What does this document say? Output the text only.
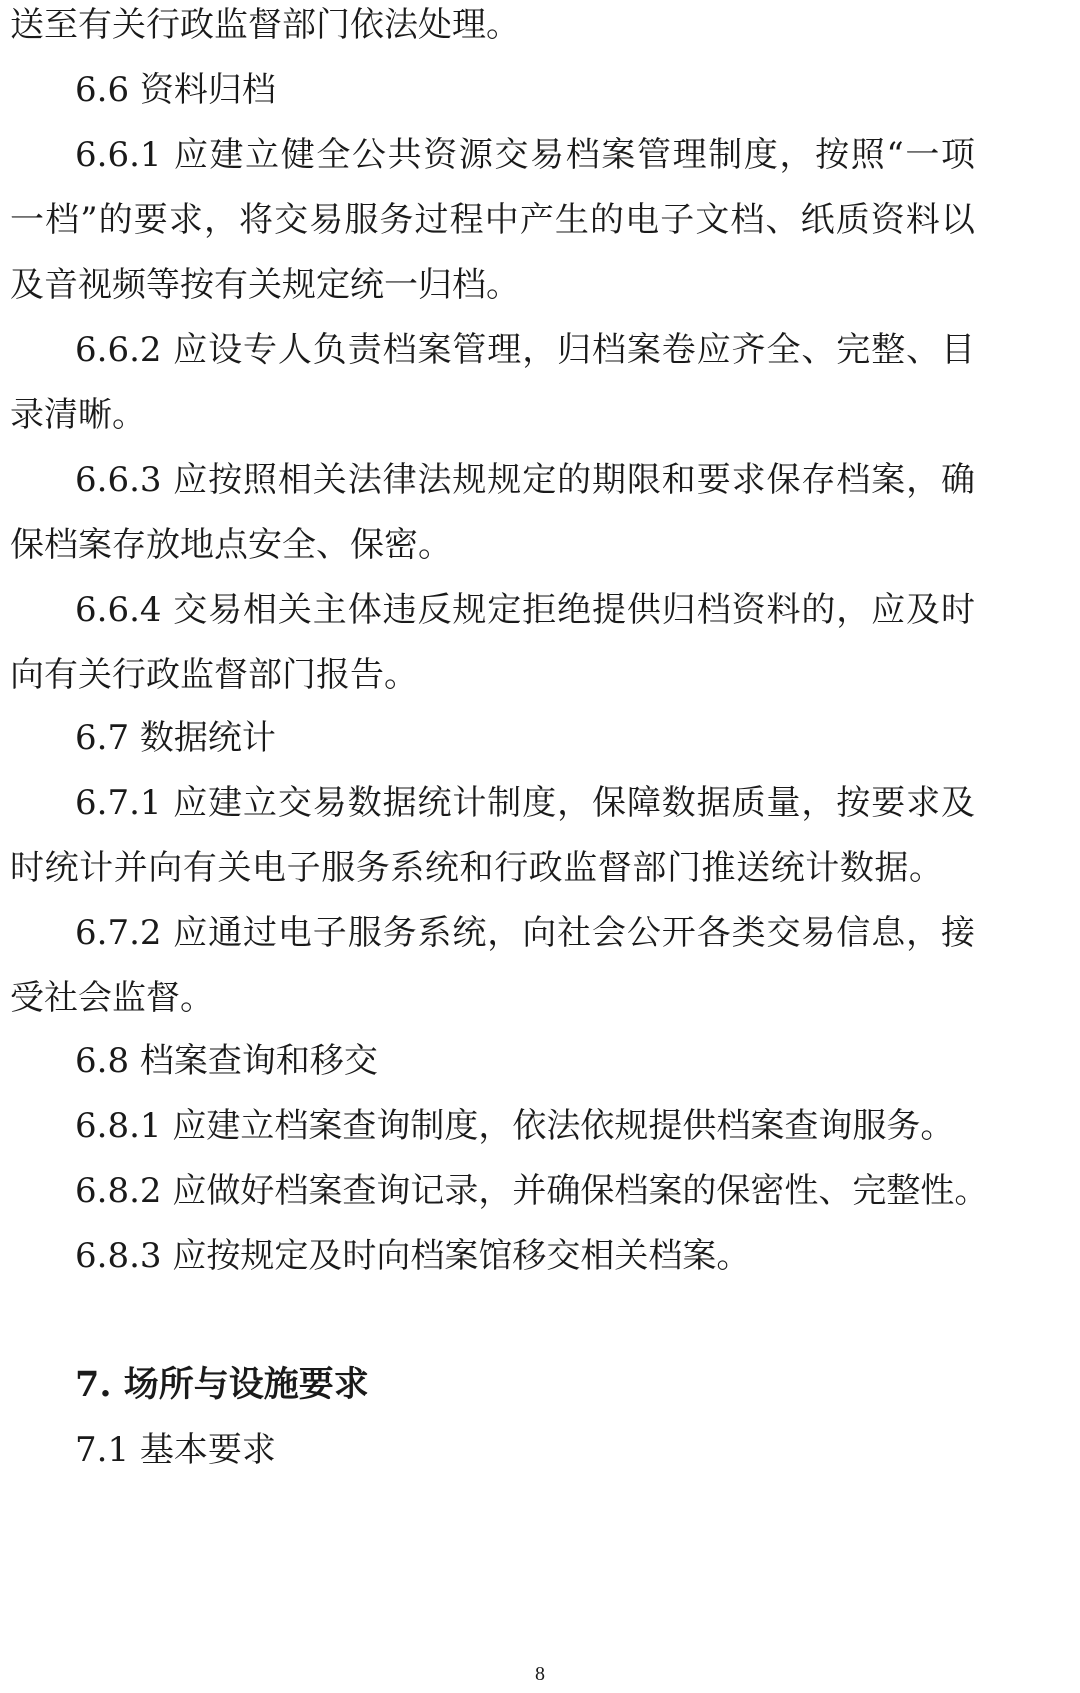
送至有关行政监督部门依法处理。
6.6 资料归档
6.6.1 应建立健全公共资源交易档案管理制度，按照“一项
一档”的要求，将交易服务过程中产生的电子文档、纸质资料以
及音视频等按有关规定统一归档。
6.6.2 应设专人负责档案管理，归档案卷应齐全、完整、目
录清晰。
6.6.3 应按照相关法律法规规定的期限和要求保存档案，确
保档案存放地点安全、保密。
6.6.4 交易相关主体违反规定拒绝提供归档资料的，应及时
向有关行政监督部门报告。
6.7 数据统计
6.7.1 应建立交易数据统计制度，保障数据质量，按要求及
时统计并向有关电子服务系统和行政监督部门推送统计数据。
6.7.2 应通过电子服务系统，向社会公开各类交易信息，接
受社会监督。
6.8 档案查询和移交
6.8.1 应建立档案查询制度，依法依规提供档案查询服务。
6.8.2 应做好档案查询记录，并确保档案的保密性、完整性。
6.8.3 应按规定及时向档案馆移交相关档案。
7. 场所与设施要求
7.1 基本要求
8
